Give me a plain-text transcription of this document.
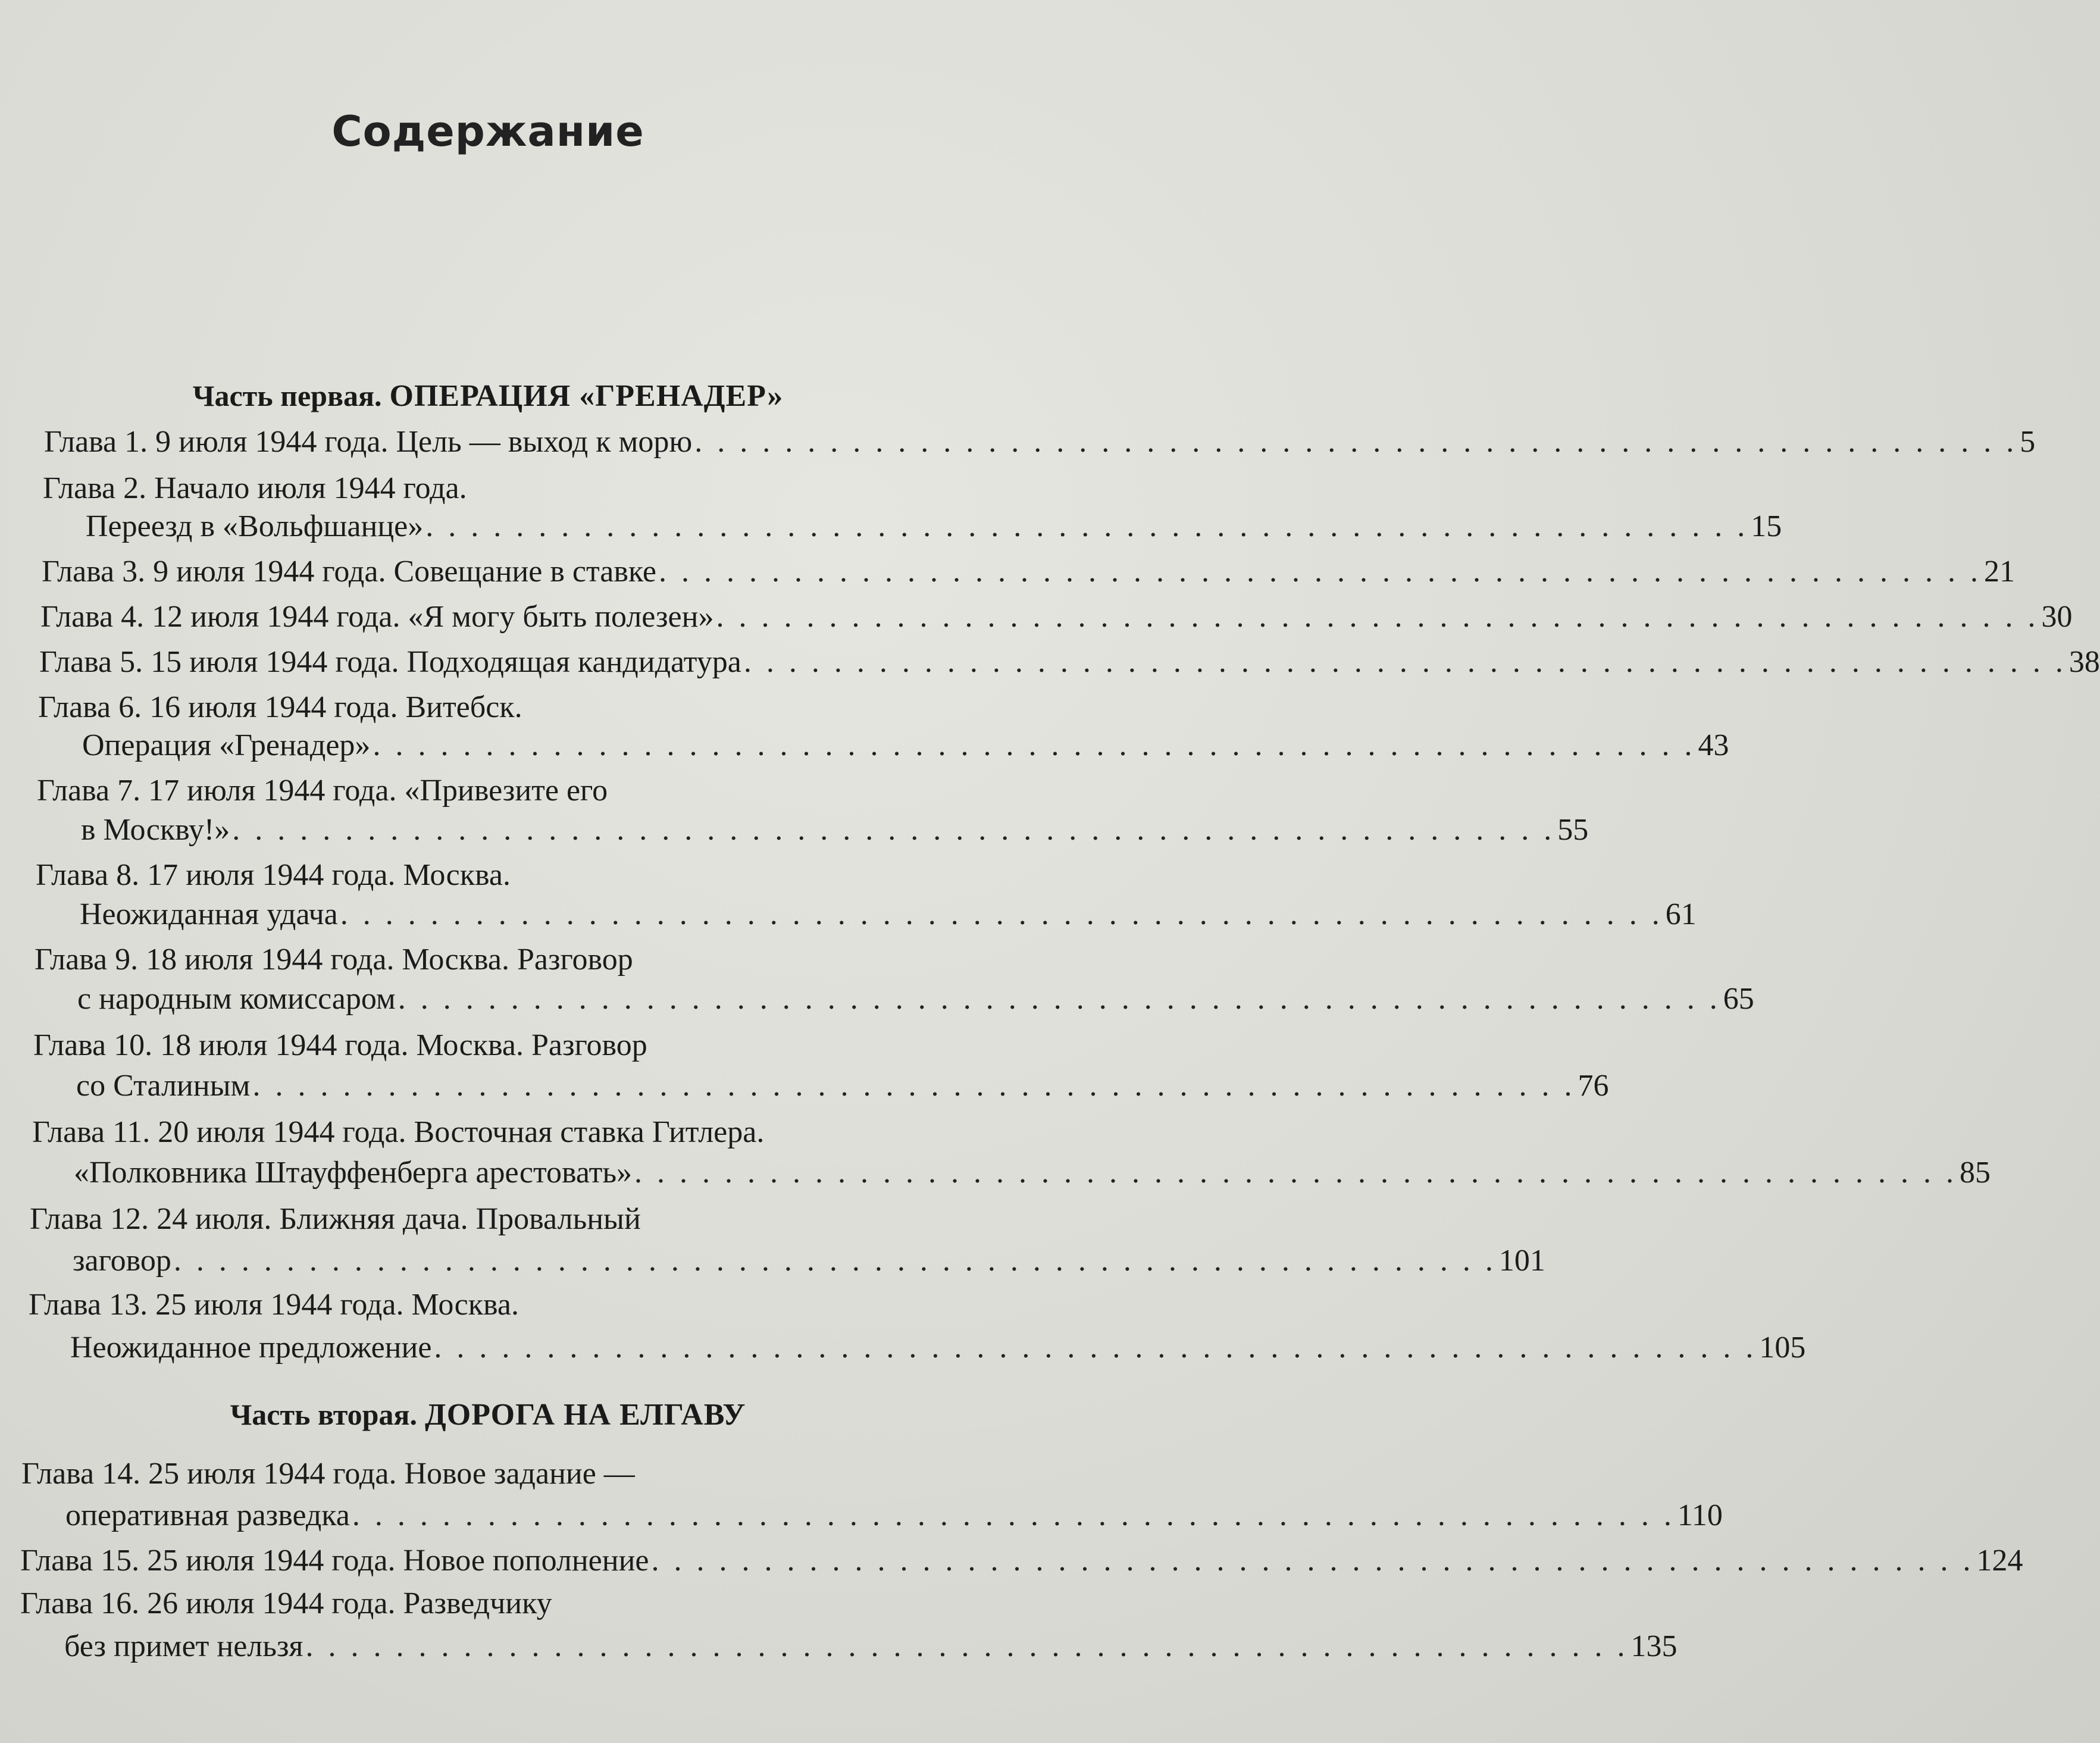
Содержание
Часть первая. ОПЕРАЦИЯ «ГРЕНАДЕР»
Глава 1. 9 июля 1944 года. Цель — выход к морю . . . . . . . . . . . . . . . . . . . . . . . . . . . . . . . . . . . . . . . . . . . . . . . . . . . . . . . . . . . 5
Глава 2. Начало июля 1944 года.
Переезд в «Вольфшанце» . . . . . . . . . . . . . . . . . . . . . . . . . . . . . . . . . . . . . . . . . . . . . . . . . . . . . . . . . . . 15
Глава 3. 9 июля 1944 года. Совещание в ставке . . . . . . . . . . . . . . . . . . . . . . . . . . . . . . . . . . . . . . . . . . . . . . . . . . . . . . . . . . . 21
Глава 4. 12 июля 1944 года. «Я могу быть полезен» . . . . . . . . . . . . . . . . . . . . . . . . . . . . . . . . . . . . . . . . . . . . . . . . . . . . . . . . . . . 30
Глава 5. 15 июля 1944 года. Подходящая кандидатура . . . . . . . . . . . . . . . . . . . . . . . . . . . . . . . . . . . . . . . . . . . . . . . . . . . . . . . . . . . 38
Глава 6. 16 июля 1944 года. Витебск.
Операция «Гренадер» . . . . . . . . . . . . . . . . . . . . . . . . . . . . . . . . . . . . . . . . . . . . . . . . . . . . . . . . . . . 43
Глава 7. 17 июля 1944 года. «Привезите его
в Москву!» . . . . . . . . . . . . . . . . . . . . . . . . . . . . . . . . . . . . . . . . . . . . . . . . . . . . . . . . . . . 55
Глава 8. 17 июля 1944 года. Москва.
Неожиданная удача . . . . . . . . . . . . . . . . . . . . . . . . . . . . . . . . . . . . . . . . . . . . . . . . . . . . . . . . . . . 61
Глава 9. 18 июля 1944 года. Москва. Разговор
с народным комиссаром . . . . . . . . . . . . . . . . . . . . . . . . . . . . . . . . . . . . . . . . . . . . . . . . . . . . . . . . . . . 65
Глава 10. 18 июля 1944 года. Москва. Разговор
со Сталиным . . . . . . . . . . . . . . . . . . . . . . . . . . . . . . . . . . . . . . . . . . . . . . . . . . . . . . . . . . . 76
Глава 11. 20 июля 1944 года. Восточная ставка Гитлера.
«Полковника Штауффенберга арестовать» . . . . . . . . . . . . . . . . . . . . . . . . . . . . . . . . . . . . . . . . . . . . . . . . . . . . . . . . . . . 85
Глава 12. 24 июля. Ближняя дача. Провальный
заговор . . . . . . . . . . . . . . . . . . . . . . . . . . . . . . . . . . . . . . . . . . . . . . . . . . . . . . . . . . . 101
Глава 13. 25 июля 1944 года. Москва.
Неожиданное предложение . . . . . . . . . . . . . . . . . . . . . . . . . . . . . . . . . . . . . . . . . . . . . . . . . . . . . . . . . . . 105
Часть вторая. ДОРОГА НА ЕЛГАВУ
Глава 14. 25 июля 1944 года. Новое задание —
оперативная разведка . . . . . . . . . . . . . . . . . . . . . . . . . . . . . . . . . . . . . . . . . . . . . . . . . . . . . . . . . . . 110
Глава 15. 25 июля 1944 года. Новое пополнение . . . . . . . . . . . . . . . . . . . . . . . . . . . . . . . . . . . . . . . . . . . . . . . . . . . . . . . . . . . 124
Глава 16. 26 июля 1944 года. Разведчику
без примет нельзя . . . . . . . . . . . . . . . . . . . . . . . . . . . . . . . . . . . . . . . . . . . . . . . . . . . . . . . . . . . 135
